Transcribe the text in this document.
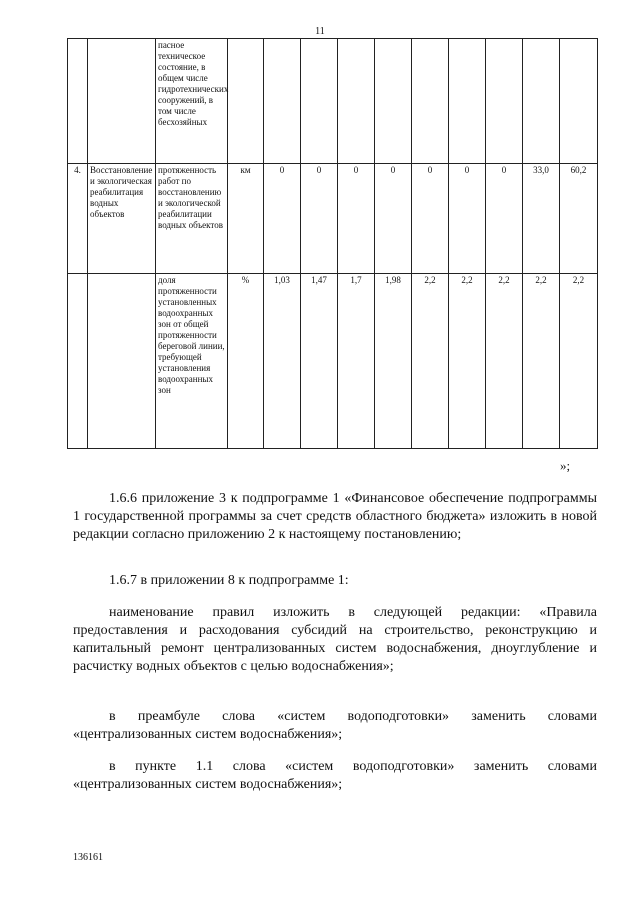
11
		пасное техническое состояние, в общем числе гидротехнических сооружений, в том числе бесхозяйных										
4.	Восстановление и экологическая реабилитация водных объектов	протяженность работ по восстановлению и экологической реабилитации водных объектов	км	0	0	0	0	0	0	0	33,0	60,2
		доля протяженности установленных водоохранных зон от общей протяженности береговой линии, требующей установления водоохранных зон	%	1,03	1,47	1,7	1,98	2,2	2,2	2,2	2,2	2,2
»;
1.6.6 приложение 3 к подпрограмме 1 «Финансовое обеспечение подпрограммы 1 государственной программы за счет средств областного бюджета» изложить в новой редакции согласно приложению 2 к настоящему постановлению;
1.6.7 в приложении 8 к подпрограмме 1:
наименование правил изложить в следующей редакции: «Правила предоставления и расходования субсидий на строительство, реконструкцию и капитальный ремонт централизованных систем водоснабжения, дноуглубление и расчистку водных объектов с целью водоснабжения»;
в преамбуле слова «систем водоподготовки» заменить словами «централизованных систем водоснабжения»;
в пункте 1.1 слова «систем водоподготовки» заменить словами «централизованных систем водоснабжения»;
136161
